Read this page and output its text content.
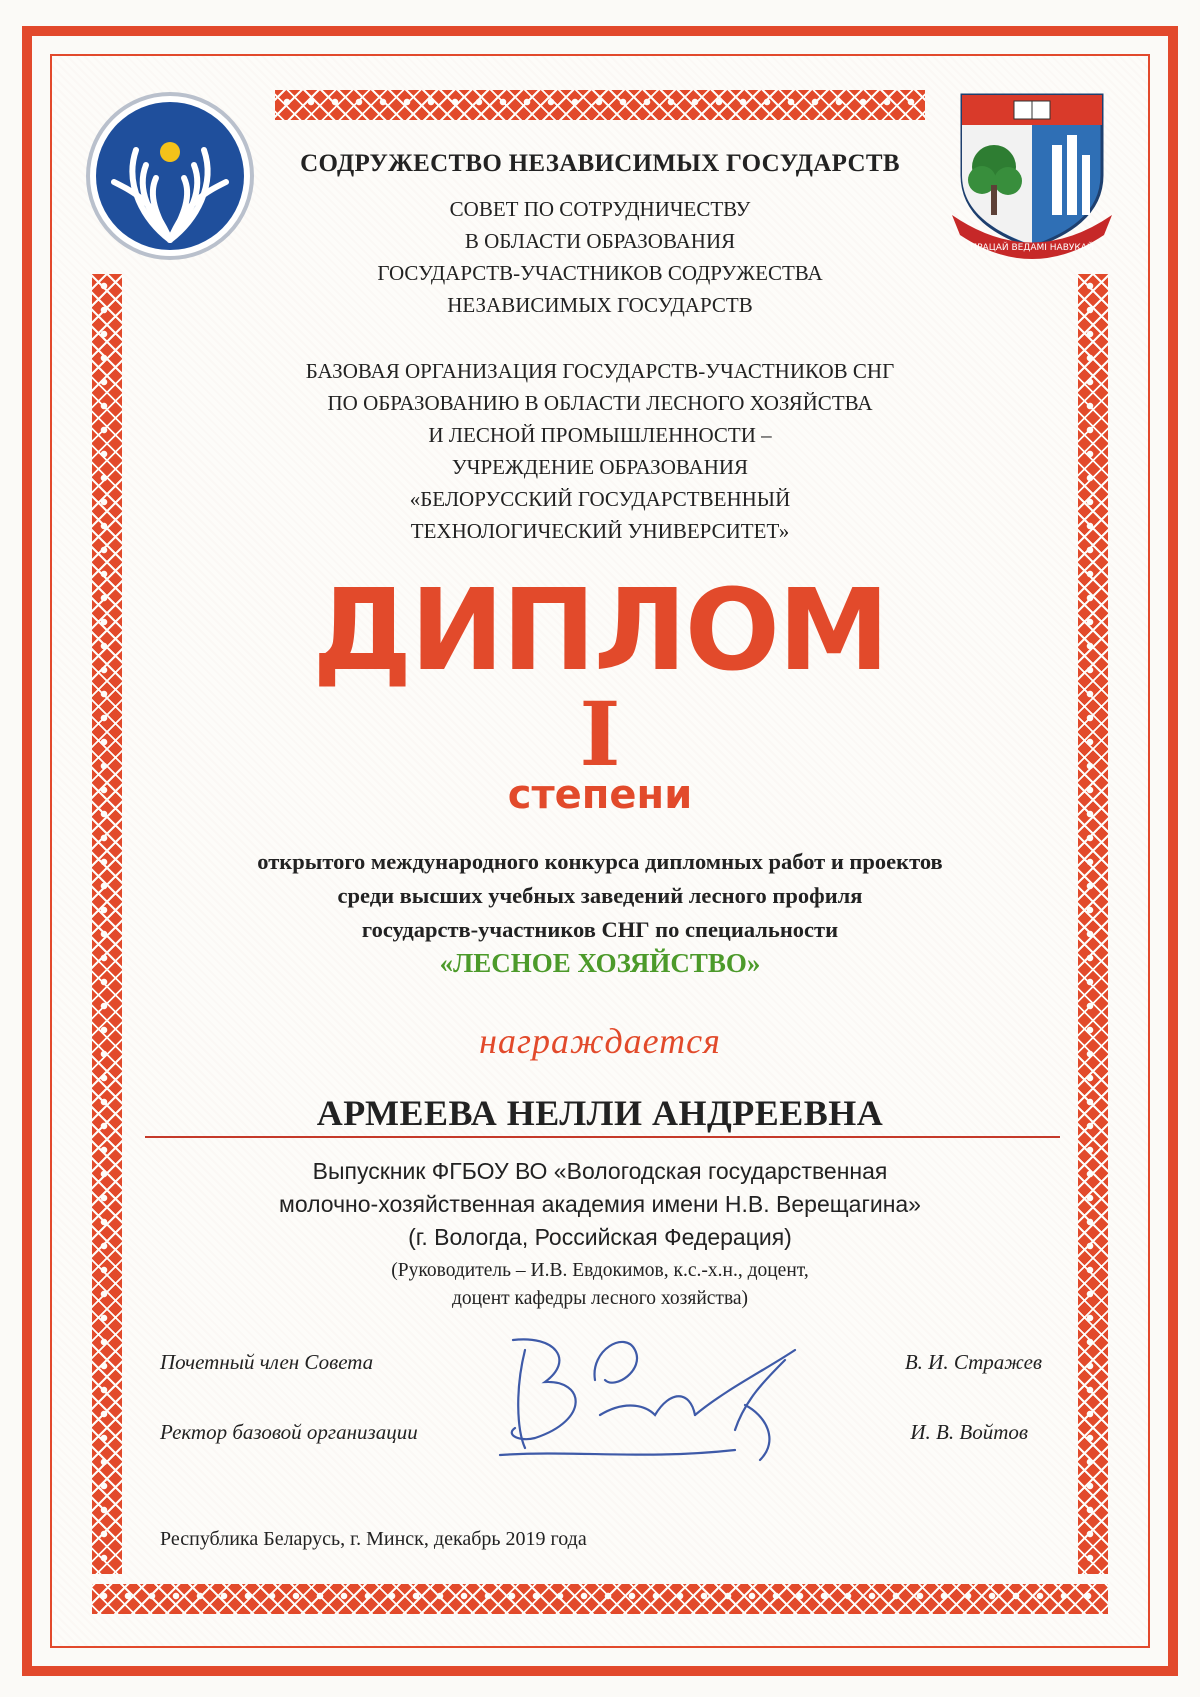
ПРАЦАЙ ВЕДАМІ НАВУКАЙ
СОДРУЖЕСТВО НЕЗАВИСИМЫХ ГОСУДАРСТВ
СОВЕТ ПО СОТРУДНИЧЕСТВУ
В ОБЛАСТИ ОБРАЗОВАНИЯ
ГОСУДАРСТВ-УЧАСТНИКОВ СОДРУЖЕСТВА
НЕЗАВИСИМЫХ ГОСУДАРСТВ
БАЗОВАЯ ОРГАНИЗАЦИЯ ГОСУДАРСТВ-УЧАСТНИКОВ СНГ
ПО ОБРАЗОВАНИЮ В ОБЛАСТИ ЛЕСНОГО ХОЗЯЙСТВА
И ЛЕСНОЙ ПРОМЫШЛЕННОСТИ –
УЧРЕЖДЕНИЕ ОБРАЗОВАНИЯ
«БЕЛОРУССКИЙ ГОСУДАРСТВЕННЫЙ
ТЕХНОЛОГИЧЕСКИЙ УНИВЕРСИТЕТ»
ДИПЛОМ
I
степени
открытого международного конкурса дипломных работ и проектов
среди высших учебных заведений лесного профиля
государств-участников СНГ по специальности
«ЛЕСНОЕ ХОЗЯЙСТВО»
награждается
АРМЕЕВА НЕЛЛИ АНДРЕЕВНА
Выпускник ФГБОУ ВО «Вологодская государственная
молочно-хозяйственная академия имени Н.В. Верещагина»
(г. Вологда, Российская Федерация)
(Руководитель – И.В. Евдокимов, к.с.-х.н., доцент,
доцент кафедры лесного хозяйства)
Почетный член Совета
Ректор базовой организации
В. И. Стражев
И. В. Войтов
Республика Беларусь, г. Минск, декабрь 2019 года
